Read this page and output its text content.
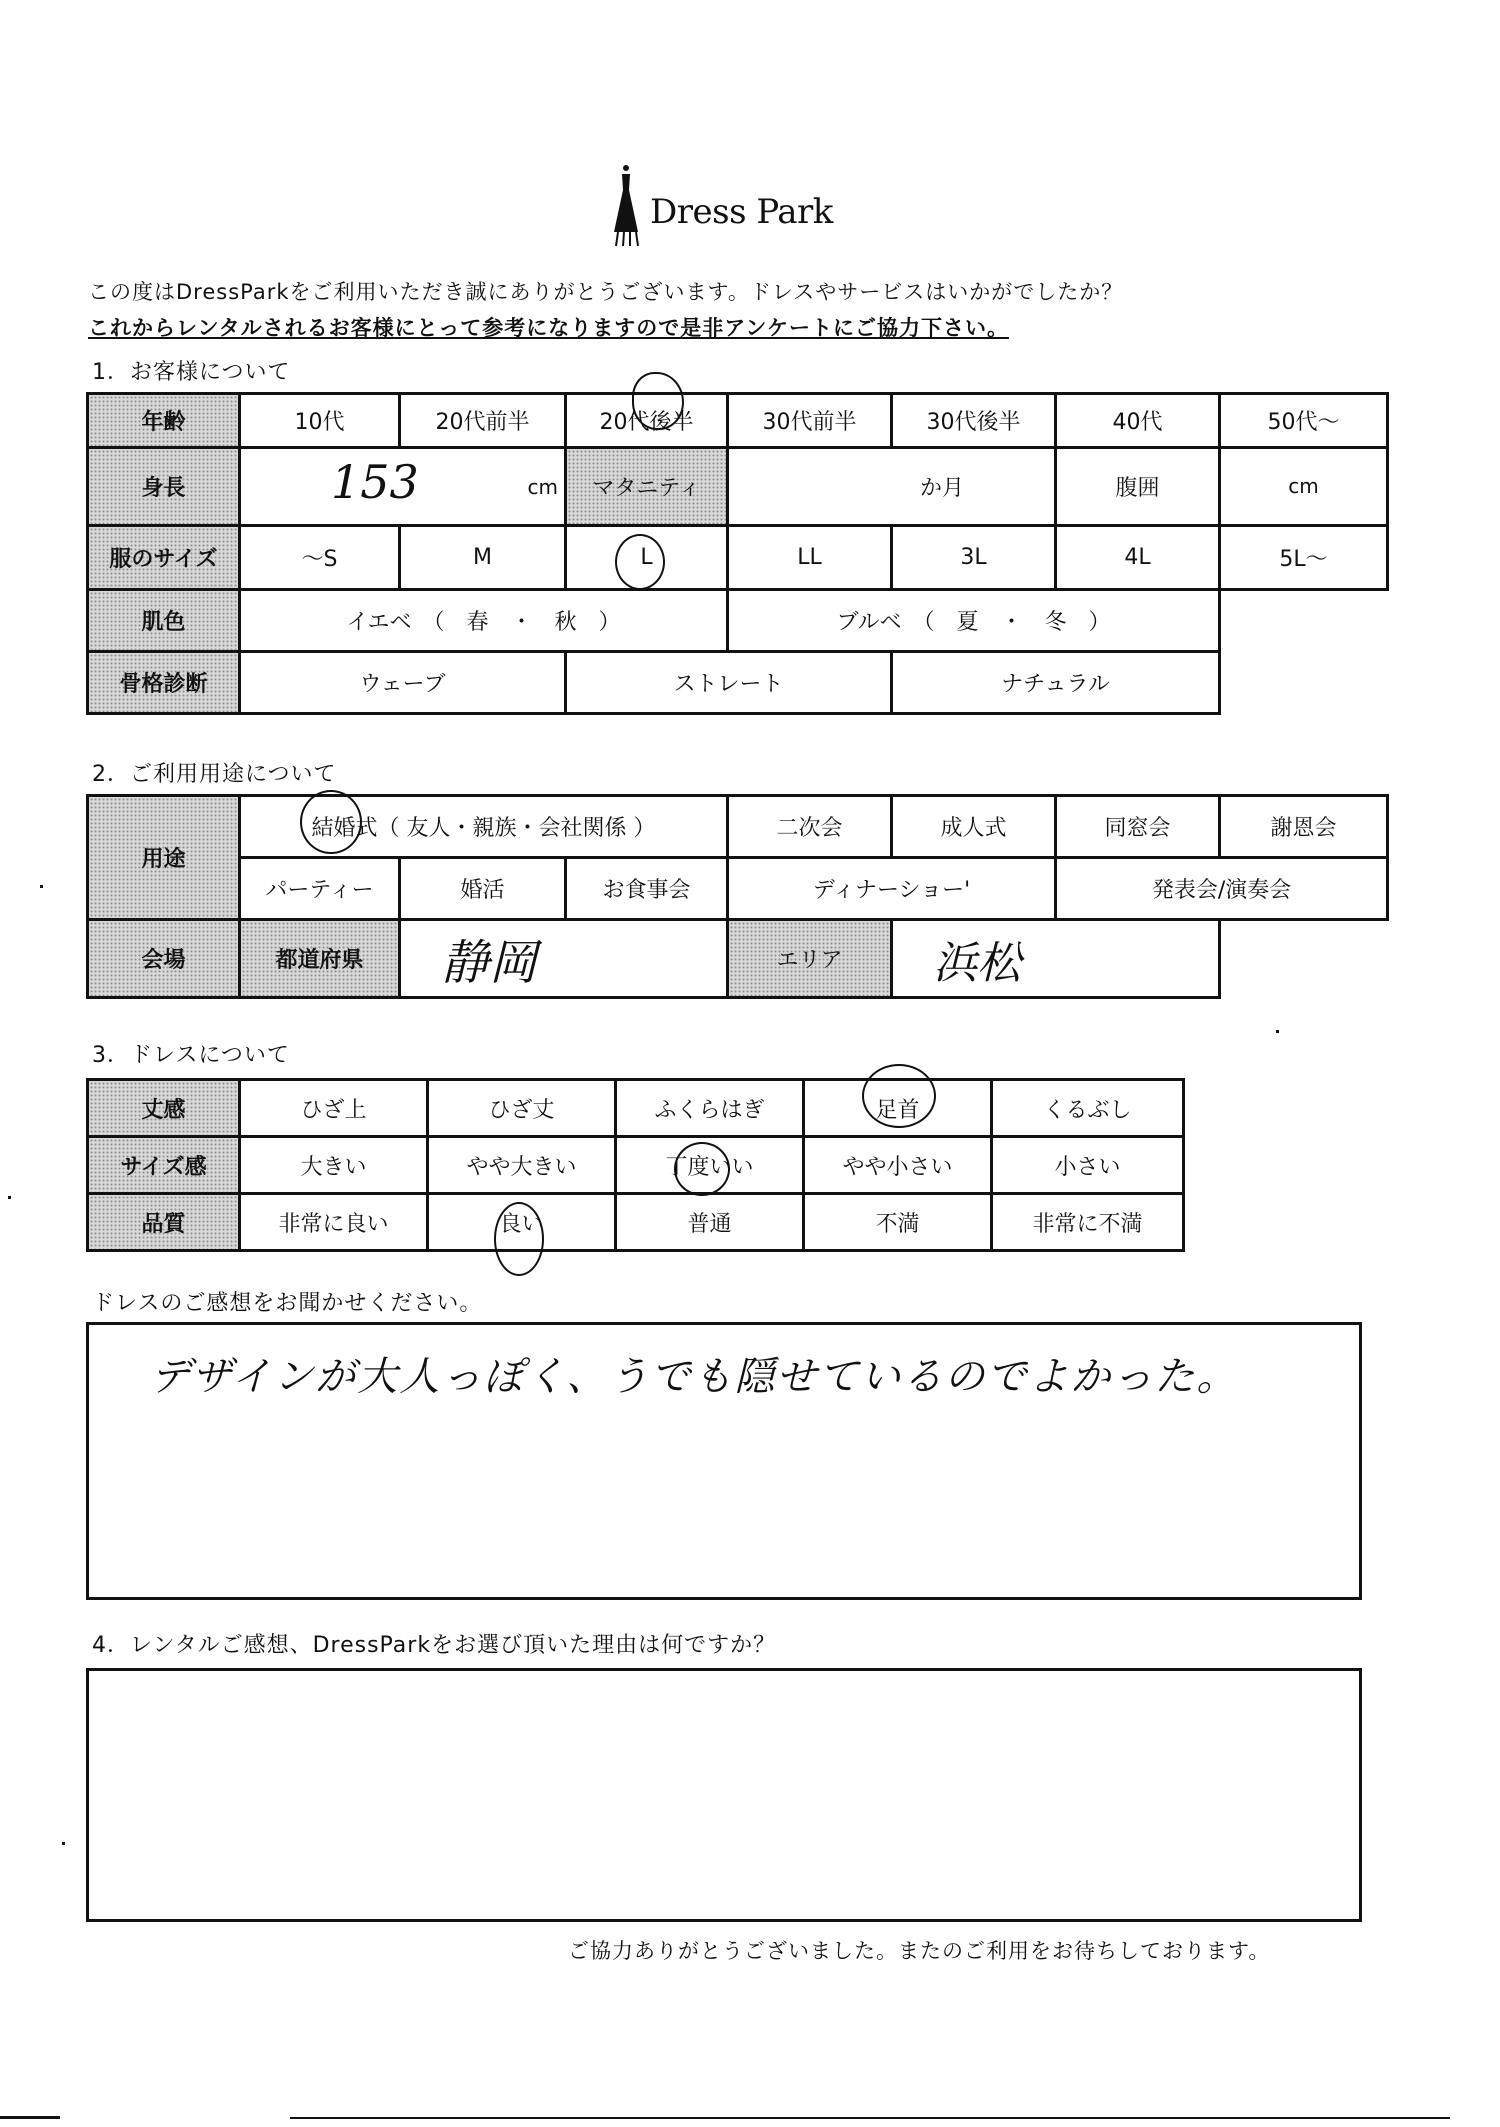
Dress Park
この度はDressParkをご利用いただき誠にありがとうございます。ドレスやサービスはいかがでしたか？
これからレンタルされるお客様にとって参考になりますので是非アンケートにご協力下さい。
1．お客様について
年齢	10代	20代前半	20代後半	30代前半	30代後半	40代	50代～
身長	153 cm		マタニティ	か月		腹囲	cm
服のサイズ	～S	M	L	LL	3L	4L	5L～
肌色	イエベ　（　春　・　秋　）			ブルベ　（　夏　・　冬　）			
骨格診断	ウェーブ		ストレート		ナチュラル		
2．ご利用用途について
用途	結婚式（ 友人・親族・会社関係 ）			二次会	成人式	同窓会	謝恩会
	パーティー	婚活	お食事会	ディナーショー'		発表会/演奏会	
会場	都道府県	静岡		エリア	浜松		
3．ドレスについて
丈感	ひざ上	ひざ丈	ふくらはぎ	足首	くるぶし
サイズ感	大きい	やや大きい	丁度いい	やや小さい	小さい
品質	非常に良い	良い	普通	不満	非常に不満
ドレスのご感想をお聞かせください。
デザインが大人っぽく、うでも隠せているのでよかった。
4．レンタルご感想、DressParkをお選び頂いた理由は何ですか？
ご協力ありがとうございました。またのご利用をお待ちしております。
